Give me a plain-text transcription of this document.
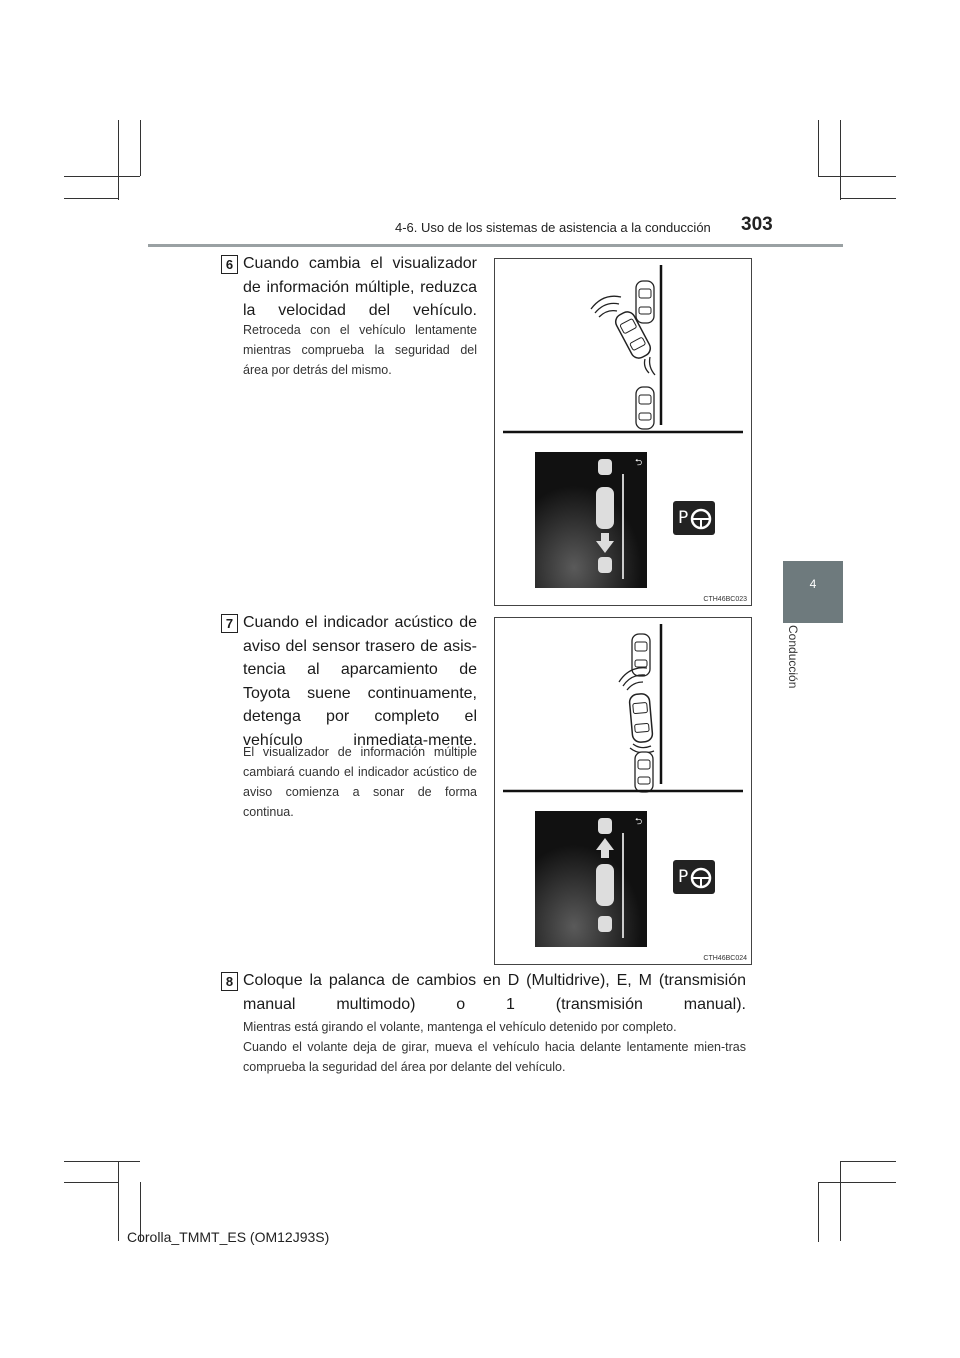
4-6. Uso de los sistemas de asistencia a la conducción 303
4
Conducción
6 Cuando cambia el visualizador de información múltiple, reduzca la velocidad del vehículo.
Retroceda con el vehículo lentamente mientras comprueba la seguridad del área por detrás del mismo.
⮌
P
CTH46BC023
7 Cuando el indicador acústico de aviso del sensor trasero de asis-tencia al aparcamiento de Toyota suene continuamente, detenga por completo el vehículo inmediata-mente.
El visualizador de información múltiple cambiará cuando el indicador acústico de aviso comienza a sonar de forma continua.
⮌
P
CTH46BC024
8 Coloque la palanca de cambios en D (Multidrive), E, M (transmisión manual multimodo) o 1 (transmisión manual).
Mientras está girando el volante, mantenga el vehículo detenido por completo.
Cuando el volante deja de girar, mueva el vehículo hacia delante lentamente mien-tras comprueba la seguridad del área por delante del vehículo.
Corolla_TMMT_ES (OM12J93S)
